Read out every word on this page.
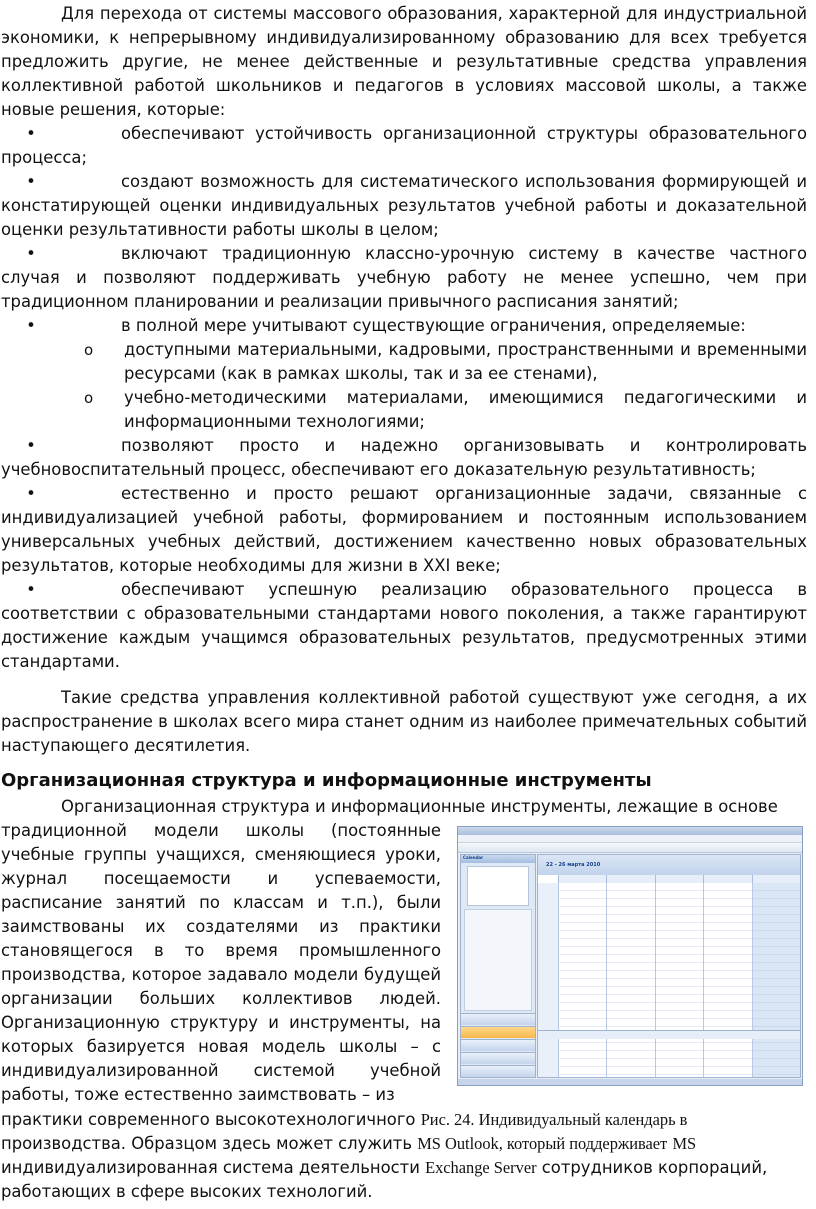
Для перехода от системы массового образования, характерной для индустриальной экономики, к непрерывному индивидуализированному образованию для всех требуется предложить другие, не менее действенные и результативные средства управления коллективной работой школьников и педагогов в условиях массовой школы, а также новые решения, которые:

•	обеспечивают устойчивость организационной структуры образовательного процесса;

•	создают возможность для систематического использования формирующей и констатирующей оценки индивидуальных результатов учебной работы и доказательной оценки результативности работы школы в целом;

•	включают традиционную классно-урочную систему в качестве частного случая и позволяют поддерживать учебную работу не менее успешно, чем при традиционном планировании и реализации привычного расписания занятий;

•	в полной мере учитывают существующие ограничения, определяемые:

o доступными материальными, кадровыми, пространственными и временными ресурсами (как в рамках школы, так и за ее стенами),

o учебно-методическими материалами, имеющимися педагогическими и информационными технологиями;

•	позволяют просто и надежно организовывать и контролировать учебновоспитательный процесс, обеспечивают его доказательную результативность;

•	естественно и просто решают организационные задачи, связанные с индивидуализацией учебной работы, формированием и постоянным использованием универсальных учебных действий, достижением качественно новых образовательных результатов, которые необходимы для жизни в XXI веке;

•	обеспечивают успешную реализацию образовательного процесса в соответствии с образовательными стандартами нового поколения, а также гарантируют достижение каждым учащимся образовательных результатов, предусмотренных этими стандартами.

Такие средства управления коллективной работой существуют уже сегодня, а их распространение в школах всего мира станет одним из наиболее примечательных событий наступающего десятилетия.

Организационная структура и информационные инструменты

Организационная структура и информационные инструменты, лежащие в основе

традиционной модели школы (постоянные учебные группы учащихся, сменяющиеся уроки, журнал посещаемости и успеваемости, расписание занятий по классам и т.п.), были заимствованы их создателями из практики становящегося в то время промышленного производства, которое задавало модели будущей организации больших коллективов людей. Организационную структуру и инструменты, на которых базируется новая модель школы – с индивидуализированной системой учебной работы, тоже естественно заимствовать – из

Calendar
22 - 26 марта 2010

практики современного высокотехнологичного Рис. 24. Индивидуальный календарь в

производства. Образцом здесь может служить MS Outlook, который поддерживает MS

индивидуализированная система деятельности Exchange Server сотрудников корпораций,

работающих в сфере высоких технологий.
